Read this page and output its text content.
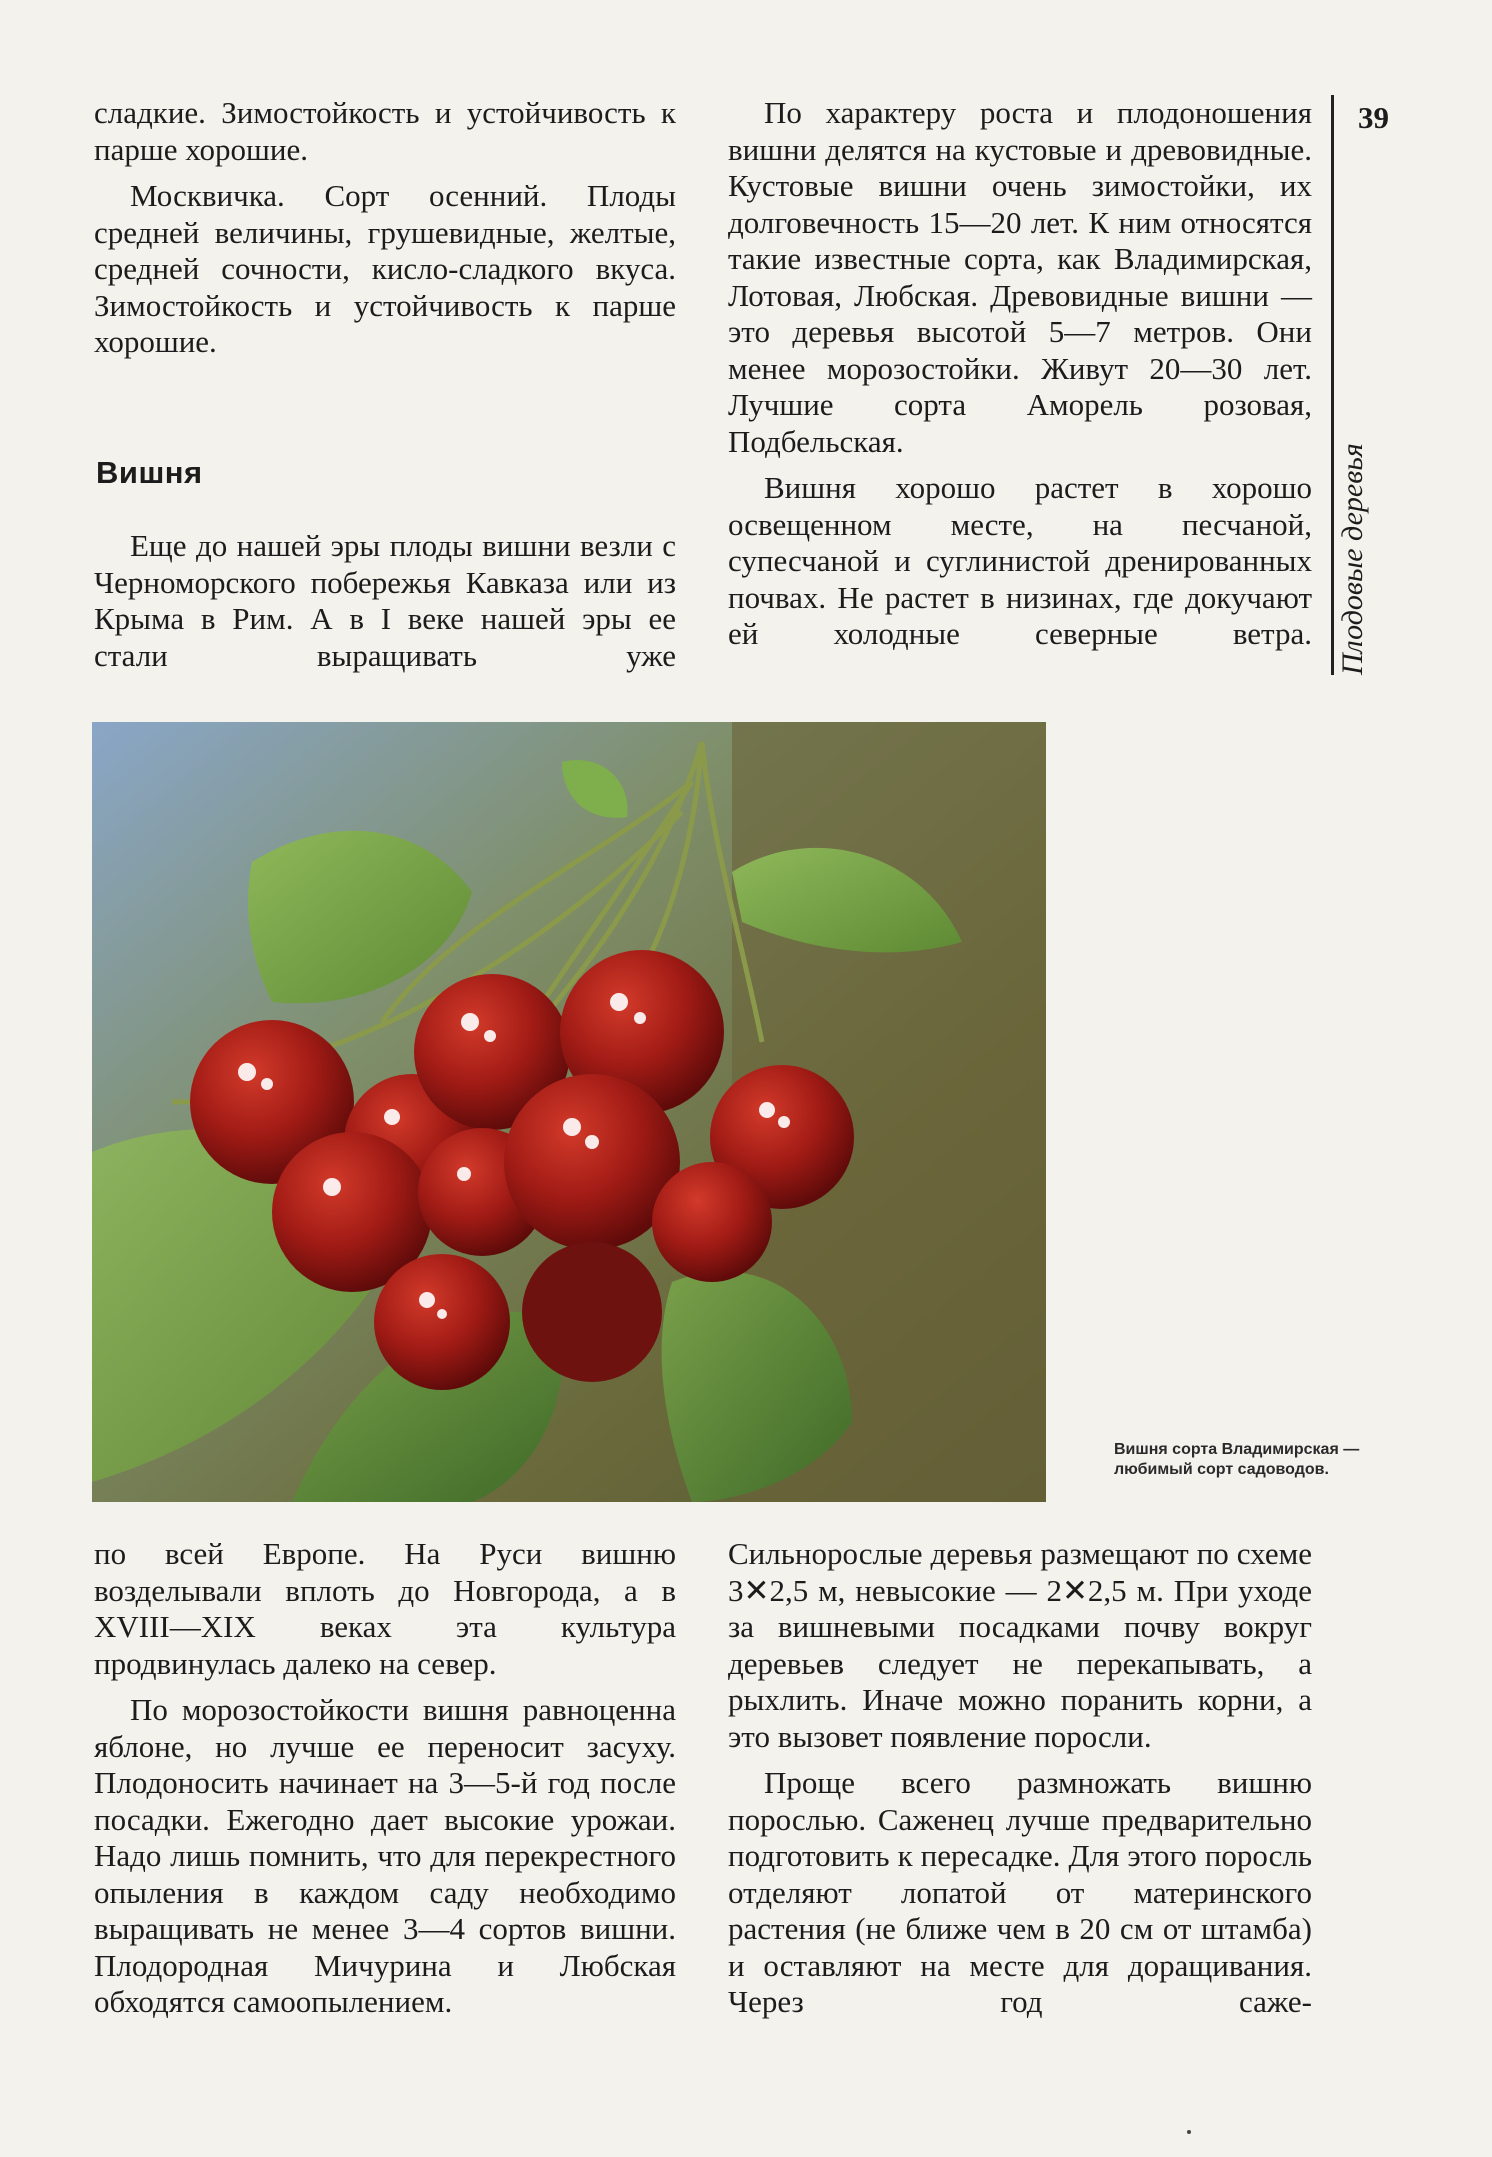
сладкие. Зимостойкость и устойчивость к парше хорошие.

Москвичка. Сорт осенний. Плоды средней величины, грушевидные, желтые, средней сочности, кисло-сладкого вкуса. Зимостойкость и устойчивость к парше хорошие.

Вишня

Еще до нашей эры плоды вишни везли с Черноморского побережья Кавказа или из Крыма в Рим. А в I веке нашей эры ее стали выращивать уже

По характеру роста и плодоношения вишни делятся на кустовые и древовидные. Кустовые вишни очень зимостойки, их долговечность 15—20 лет. К ним относятся такие известные сорта, как Владимирская, Лотовая, Любская. Древовидные вишни — это деревья высотой 5—7 метров. Они менее морозостойки. Живут 20—30 лет. Лучшие сорта Аморель розовая, Подбельская.

Вишня хорошо растет в хорошо освещенном месте, на песчаной, супесчаной и суглинистой дренированных почвах. Не растет в низинах, где докучают ей холодные северные ветра.

39
Плодовые деревья
Вишня сорта Владимирская — любимый сорт садоводов.

по всей Европе. На Руси вишню возделывали вплоть до Новгорода, а в XVIII—XIX веках эта культура продвинулась далеко на север.

По морозостойкости вишня равноценна яблоне, но лучше ее переносит засуху. Плодоносить начинает на 3—5-й год после посадки. Ежегодно дает высокие урожаи. Надо лишь помнить, что для перекрестного опыления в каждом саду необходимо выращивать не менее 3—4 сортов вишни. Плодородная Мичурина и Любская обходятся самоопылением.

Сильнорослые деревья размещают по схеме 3✕2,5 м, невысокие — 2✕2,5 м. При уходе за вишневыми посадками почву вокруг деревьев следует не перекапывать, а рыхлить. Иначе можно поранить корни, а это вызовет появление поросли.

Проще всего размножать вишню порослью. Саженец лучше предварительно подготовить к пересадке. Для этого поросль отделяют лопатой от материнского растения (не ближе чем в 20 см от штамба) и оставляют на месте для доращивания. Через год саже-
